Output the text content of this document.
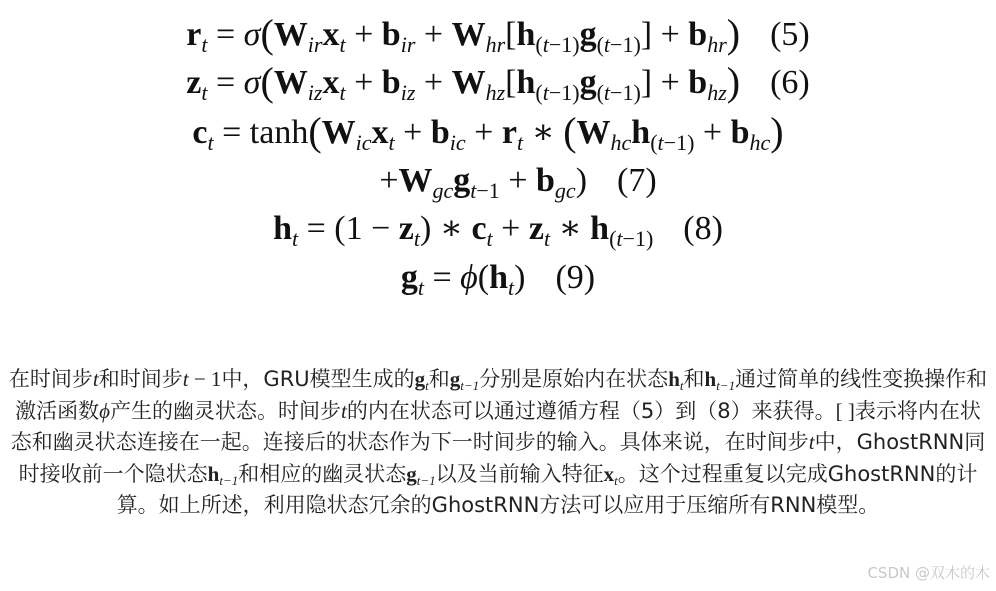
$r_t = \sigma(W_{ir}x_t + b_{ir} + W_{hr}[h_{(t-1)}g_{(t-1)}] + b_{hr})$ (5)
$z_t = \sigma(W_{iz}x_t + b_{iz} + W_{hz}[h_{(t-1)}g_{(t-1)}] + b_{hz})$ (6)
$c_t = \tanh(W_{ic}x_t + b_{ic} + r_t$ ∗ $(W_{hc}h_{(t-1)} + b_{hc})$
$+W_{gc}g_{t-1} + b_{gc}$) (7)
$h_t = (1 - z_t)$ ∗ $c_t + z_t$ ∗ $h_{(t-1)}$ (8)
$g_t = \phi(h_t)$ (9)
在时间步t和时间步t − 1中，GRU模型生成的$g_t$和$g_{t-1}$分别是原始内在状态$h_t$和$h_{t-1}$通过简单的线性变换操作和激活函数ϕ产生的幽灵状态。时间步t的内在状态可以通过遵循方程（5）到（8）来获得。[ ]表示将内在状态和幽灵状态连接在一起。连接后的状态作为下一时间步的输入。具体来说，在时间步t中，GhostRNN同时接收前一个隐状态$h_{t-1}$和相应的幽灵状态$g_{t-1}$以及当前输入特征$x_t$。这个过程重复以完成GhostRNN的计算。如上所述，利用隐状态冗余的GhostRNN方法可以应用于压缩所有RNN模型。
CSDN @双木的木
